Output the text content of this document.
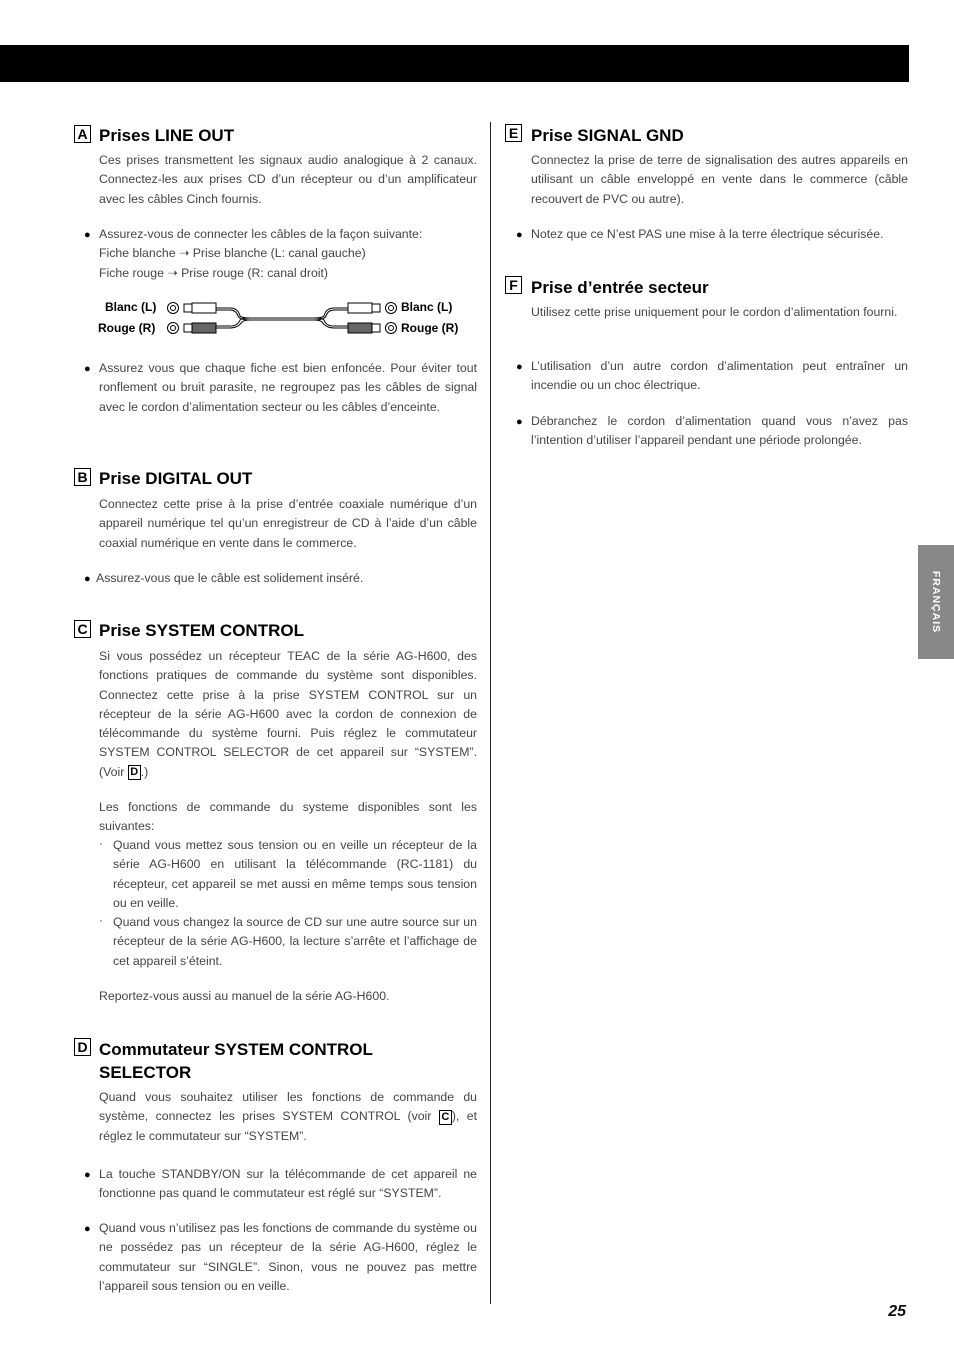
FRANÇAIS
A Prises LINE OUT
Ces prises transmettent les signaux audio analogique à 2 canaux. Connectez-les aux prises CD d’un récepteur ou d’un amplificateur avec les câbles Cinch fournis.
● Assurez-vous de connecter les câbles de la façon suivante:
Fiche blanche ➝ Prise blanche (L: canal gauche)
Fiche rouge ➝ Prise rouge (R: canal droit)
Blanc (L)
Rouge (R)
Blanc (L)
Rouge (R)
● Assurez vous que chaque fiche est bien enfoncée. Pour éviter tout ronflement ou bruit parasite, ne regroupez pas les câbles de signal avec le cordon d’alimentation secteur ou les câbles d’enceinte.
B Prise DIGITAL OUT
Connectez cette prise à la prise d’entrée coaxiale numérique d’un appareil numérique tel qu’un enregistreur de CD à l’aide d’un câble coaxial numérique en vente dans le commerce.
● Assurez-vous que le câble est solidement inséré.
C Prise SYSTEM CONTROL
Si vous possédez un récepteur TEAC de la série AG-H600, des fonctions pratiques de commande du système sont disponibles. Connectez cette prise à la prise SYSTEM CONTROL sur un récepteur de la série AG-H600 avec la cordon de connexion de télécommande du système fourni. Puis réglez le commutateur SYSTEM CONTROL SELECTOR de cet appareil sur “SYSTEM”. (Voir D .)
Les fonctions de commande du systeme disponibles sont les suivantes:
· Quand vous mettez sous tension ou en veille un récepteur de la série AG-H600 en utilisant la télécommande (RC-1181) du récepteur, cet appareil se met aussi en même temps sous tension ou en veille.
· Quand vous changez la source de CD sur une autre source sur un récepteur de la série AG-H600, la lecture s’arrête et l’affichage de cet appareil s’éteint.
Reportez-vous aussi au manuel de la série AG-H600.
D Commutateur SYSTEM CONTROL
SELECTOR
Quand vous souhaitez utiliser les fonctions de commande du système, connectez les prises SYSTEM CONTROL (voir C ), et réglez le commutateur sur “SYSTEM”.
● La touche STANDBY/ON sur la télécommande de cet appareil ne fonctionne pas quand le commutateur est réglé sur “SYSTEM”.
● Quand vous n’utilisez pas les fonctions de commande du système ou ne possédez pas un récepteur de la série AG-H600, réglez le commutateur sur “SINGLE”. Sinon, vous ne pouvez pas mettre l’appareil sous tension ou en veille.
E Prise SIGNAL GND
Connectez la prise de terre de signalisation des autres appareils en utilisant un câble enveloppé en vente dans le commerce (câble recouvert de PVC ou autre).
● Notez que ce N’est PAS une mise à la terre électrique sécurisée.
F Prise d’entrée secteur
Utilisez cette prise uniquement pour le cordon d’alimentation fourni.
● L’utilisation d’un autre cordon d’alimentation peut entraîner un incendie ou un choc électrique.
● Débranchez le cordon d’alimentation quand vous n’avez pas l’intention d’utiliser l’appareil pendant une période prolongée.
25
